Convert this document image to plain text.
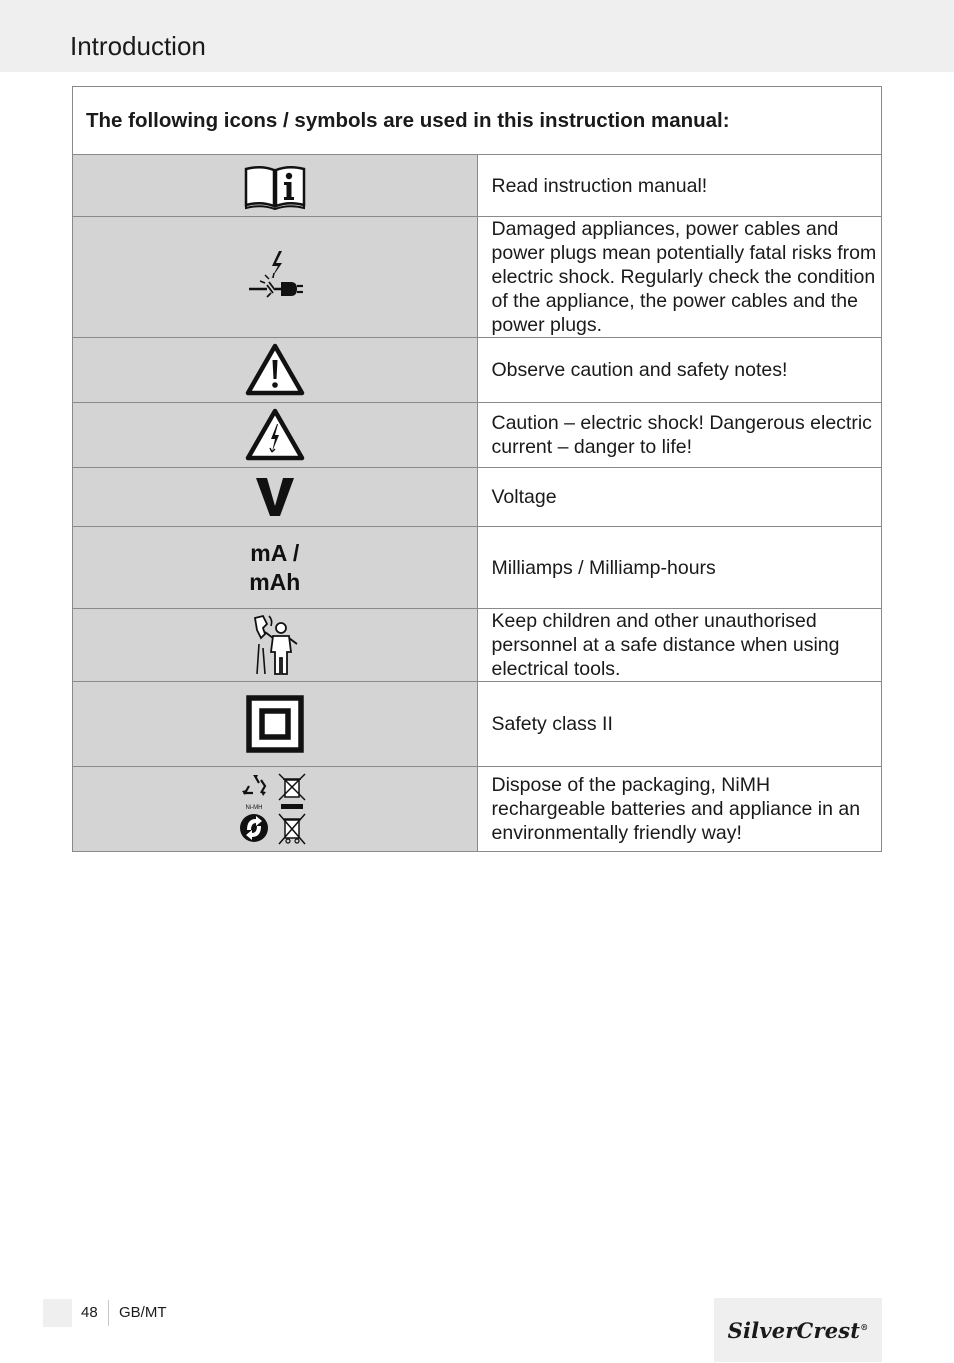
Introduction
The following icons / symbols are used in this instruction manual:	

	Read instruction manual!

	Damaged appliances, power cables and power plugs mean potentially fatal risks from electric shock. Regularly check the condition of the appliance, the power cables and the power plugs.

	Observe caution and safety notes!

	Caution – electric shock! Dangerous electric current – danger to life!

	Voltage

mA /
mAh	Milliamps / Milliamp-hours

	Keep children and other unauthorised personnel at a safe distance when using electrical tools.

	Safety class II

Ni-MH	Dispose of the packaging, NiMH rechargeable batteries and appliance in an environmentally friendly way!
48 GB/MT
SilverCrest®
